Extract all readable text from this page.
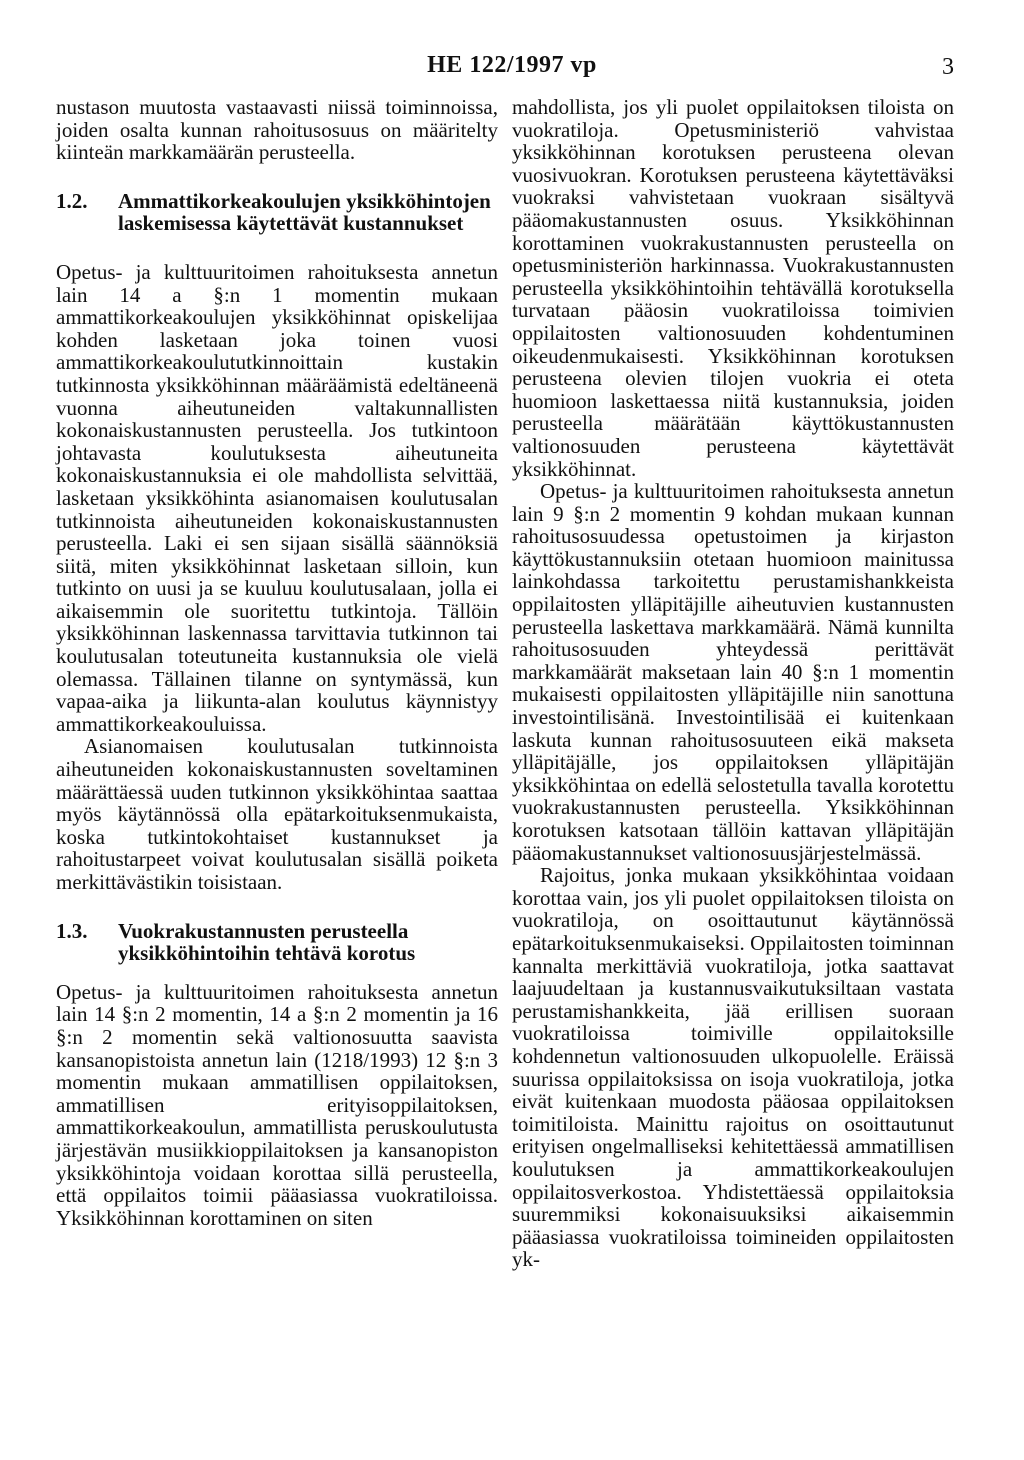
HE 122/1997 vp	3

nustason muutosta vastaavasti niissä toiminnoissa, joiden osalta kunnan rahoitusosuus on määritelty kiinteän markkamäärän perusteella.

1.2.	Ammattikorkeakoulujen yksikköhintojen laskemisessa käytettävät kustannukset

Opetus- ja kulttuuritoimen rahoituksesta annetun lain 14 a §:n 1 momentin mukaan ammattikorkeakoulujen yksikköhinnat opiskelijaa kohden lasketaan joka toinen vuosi ammattikorkeakoulututkinnoittain kustakin tutkinnosta yksikköhinnan määräämistä edeltäneenä vuonna aiheutuneiden valtakunnallisten kokonaiskustannusten perusteella. Jos tutkintoon johtavasta koulutuksesta aiheutuneita kokonaiskustannuksia ei ole mahdollista selvittää, lasketaan yksikköhinta asianomaisen koulutusalan tutkinnoista aiheutuneiden kokonaiskustannusten perusteella. Laki ei sen sijaan sisällä säännöksiä siitä, miten yksikköhinnat lasketaan silloin, kun tutkinto on uusi ja se kuuluu koulutusalaan, jolla ei aikaisemmin ole suoritettu tutkintoja. Tällöin yksikköhinnan laskennassa tarvittavia tutkinnon tai koulutusalan toteutuneita kustannuksia ole vielä olemassa. Tällainen tilanne on syntymässä, kun vapaa-aika ja liikunta-alan koulutus käynnistyy ammattikorkeakouluissa.

Asianomaisen koulutusalan tutkinnoista aiheutuneiden kokonaiskustannusten soveltaminen määrättäessä uuden tutkinnon yksikköhintaa saattaa myös käytännössä olla epätarkoituksenmukaista, koska tutkintokohtaiset kustannukset ja rahoitustarpeet voivat koulutusalan sisällä poiketa merkittävästikin toisistaan.

1.3.	Vuokrakustannusten perusteella yksikköhintoihin tehtävä korotus

Opetus- ja kulttuuritoimen rahoituksesta annetun lain 14 §:n 2 momentin, 14 a §:n 2 momentin ja 16 §:n 2 momentin sekä valtionosuutta saavista kansanopistoista annetun lain (1218/1993) 12 §:n 3 momentin mukaan ammatillisen oppilaitoksen, ammatillisen erityisoppilaitoksen, ammattikorkeakoulun, ammatillista peruskoulutusta järjestävän musiikkioppilaitoksen ja kansanopiston yksikköhintoja voidaan korottaa sillä perusteella, että oppilaitos toimii pääasiassa vuokratiloissa. Yksikköhinnan korottaminen on siten

mahdollista, jos yli puolet oppilaitoksen tiloista on vuokratiloja. Opetusministeriö vahvistaa yksikköhinnan korotuksen perusteena olevan vuosivuokran. Korotuksen perusteena käytettäväksi vuokraksi vahvistetaan vuokraan sisältyvä pääomakustannusten osuus. Yksikköhinnan korottaminen vuokrakustannusten perusteella on opetusministeriön harkinnassa. Vuokrakustannusten perusteella yksikköhintoihin tehtävällä korotuksella turvataan pääosin vuokratiloissa toimivien oppilaitosten valtionosuuden kohdentuminen oikeudenmukaisesti. Yksikköhinnan korotuksen perusteena olevien tilojen vuokria ei oteta huomioon laskettaessa niitä kustannuksia, joiden perusteella määrätään käyttökustannusten valtionosuuden perusteena käytettävät yksikköhinnat.

Opetus- ja kulttuuritoimen rahoituksesta annetun lain 9 §:n 2 momentin 9 kohdan mukaan kunnan rahoitusosuudessa opetustoimen ja kirjaston käyttökustannuksiin otetaan huomioon mainitussa lainkohdassa tarkoitettu perustamishankkeista oppilaitosten ylläpitäjille aiheutuvien kustannusten perusteella laskettava markkamäärä. Nämä kunnilta rahoitusosuuden yhteydessä perittävät markkamäärät maksetaan lain 40 §:n 1 momentin mukaisesti oppilaitosten ylläpitäjille niin sanottuna investointilisänä. Investointilisää ei kuitenkaan laskuta kunnan rahoitusosuuteen eikä makseta ylläpitäjälle, jos oppilaitoksen ylläpitäjän yksikköhintaa on edellä selostetulla tavalla korotettu vuokrakustannusten perusteella. Yksikköhinnan korotuksen katsotaan tällöin kattavan ylläpitäjän pääomakustannukset valtionosuusjärjestelmässä.

Rajoitus, jonka mukaan yksikköhintaa voidaan korottaa vain, jos yli puolet oppilaitoksen tiloista on vuokratiloja, on osoittautunut käytännössä epätarkoituksenmukaiseksi. Oppilaitosten toiminnan kannalta merkittäviä vuokratiloja, jotka saattavat laajuudeltaan ja kustannusvaikutuksiltaan vastata perustamishankkeita, jää erillisen suoraan vuokratiloissa toimiville oppilaitoksille kohdennetun valtionosuuden ulkopuolelle. Eräissä suurissa oppilaitoksissa on isoja vuokratiloja, jotka eivät kuitenkaan muodosta pääosaa oppilaitoksen toimitiloista. Mainittu rajoitus on osoittautunut erityisen ongelmalliseksi kehitettäessä ammatillisen koulutuksen ja ammattikorkeakoulujen oppilaitosverkostoa. Yhdistettäessä oppilaitoksia suuremmiksi kokonaisuuksiksi aikaisemmin pääasiassa vuokratiloissa toimineiden oppilaitosten yk-
